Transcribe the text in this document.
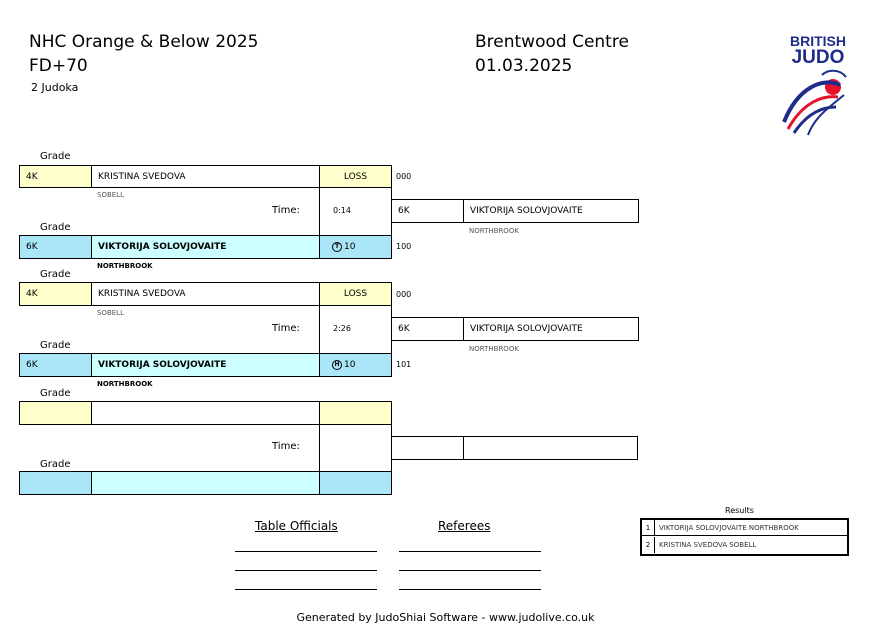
NHC Orange & Below 2025
FD+70
2 Judoka
Brentwood Centre
01.03.2025
BRITISH
JUDO
Grade
4K	KRISTINA SVEDOVA	LOSS	000
SOBELL
Time:	0:14	6K	VIKTORIJA SOLOVJOVAITE
NORTHBROOK
Grade
6K	VIKTORIJA SOLOVJOVAITE	T 10	100
NORTHBROOK
Grade
4K	KRISTINA SVEDOVA	LOSS	000
SOBELL
Time:	2:26	6K	VIKTORIJA SOLOVJOVAITE
NORTHBROOK
Grade
6K	VIKTORIJA SOLOVJOVAITE	H 10	101
NORTHBROOK
Grade
Time:
Grade
Table Officials	Referees
Results
1	VIKTORIJA SOLOVJOVAITE NORTHBROOK
2	KRISTINA SVEDOVA SOBELL
Generated by JudoShiai Software - www.judolive.co.uk
